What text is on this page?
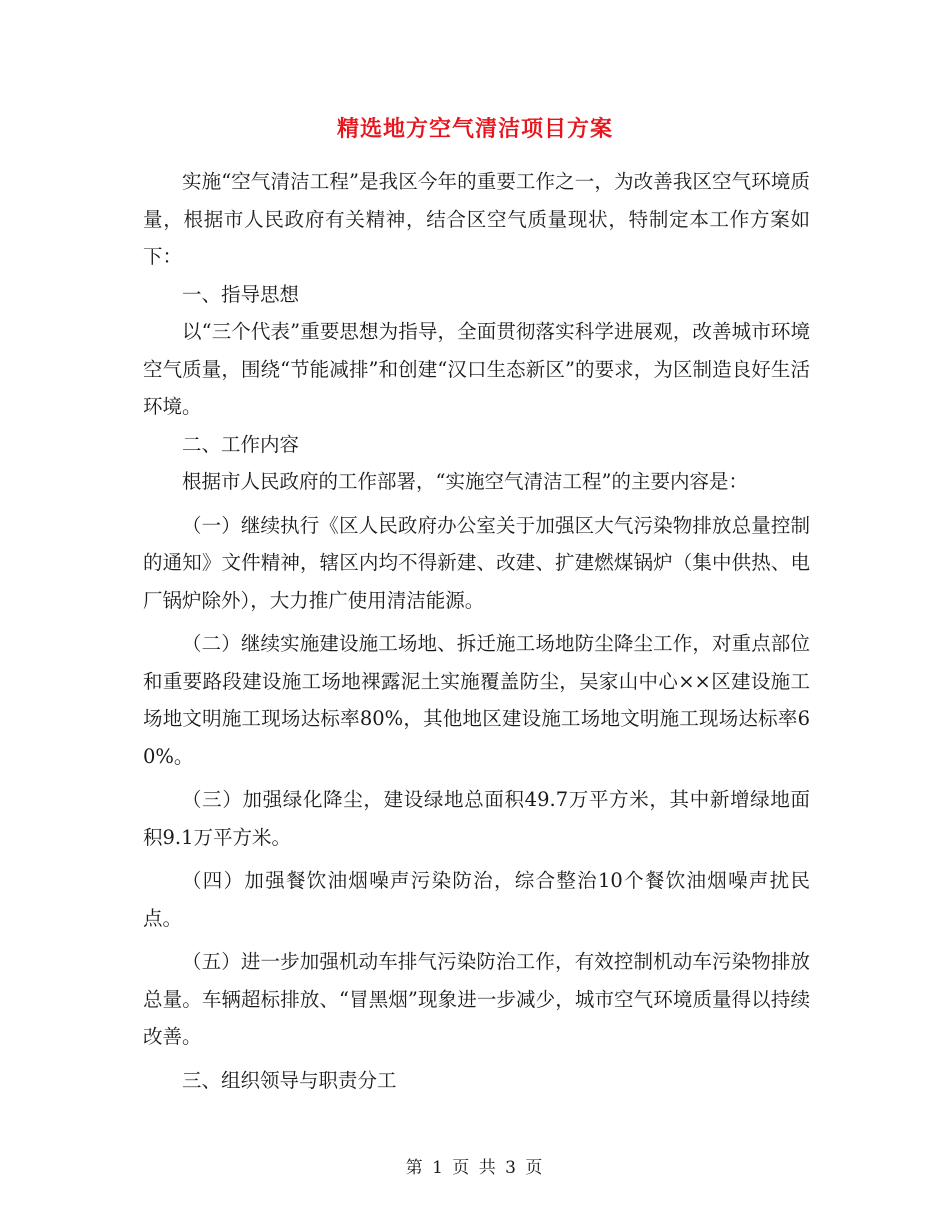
精选地方空气清洁项目方案

实施“空气清洁工程”是我区今年的重要工作之一，为改善我区空气环境质量，根据市人民政府有关精神，结合区空气质量现状，特制定本工作方案如下：

一、指导思想

以“三个代表”重要思想为指导，全面贯彻落实科学进展观，改善城市环境空气质量，围绕“节能减排”和创建“汉口生态新区”的要求，为区制造良好生活环境。

二、工作内容

根据市人民政府的工作部署，“实施空气清洁工程”的主要内容是：

（一）继续执行《区人民政府办公室关于加强区大气污染物排放总量控制的通知》文件精神，辖区内均不得新建、改建、扩建燃煤锅炉（集中供热、电厂锅炉除外），大力推广使用清洁能源。

（二）继续实施建设施工场地、拆迁施工场地防尘降尘工作，对重点部位和重要路段建设施工场地裸露泥土实施覆盖防尘，吴家山中心××区建设施工场地文明施工现场达标率80%，其他地区建设施工场地文明施工现场达标率60%。

（三）加强绿化降尘，建设绿地总面积49.7万平方米，其中新增绿地面积9.1万平方米。

（四）加强餐饮油烟噪声污染防治，综合整治10个餐饮油烟噪声扰民点。

（五）进一步加强机动车排气污染防治工作，有效控制机动车污染物排放总量。车辆超标排放、“冒黑烟”现象进一步减少，城市空气环境质量得以持续改善。

三、组织领导与职责分工

第 1 页 共 3 页
